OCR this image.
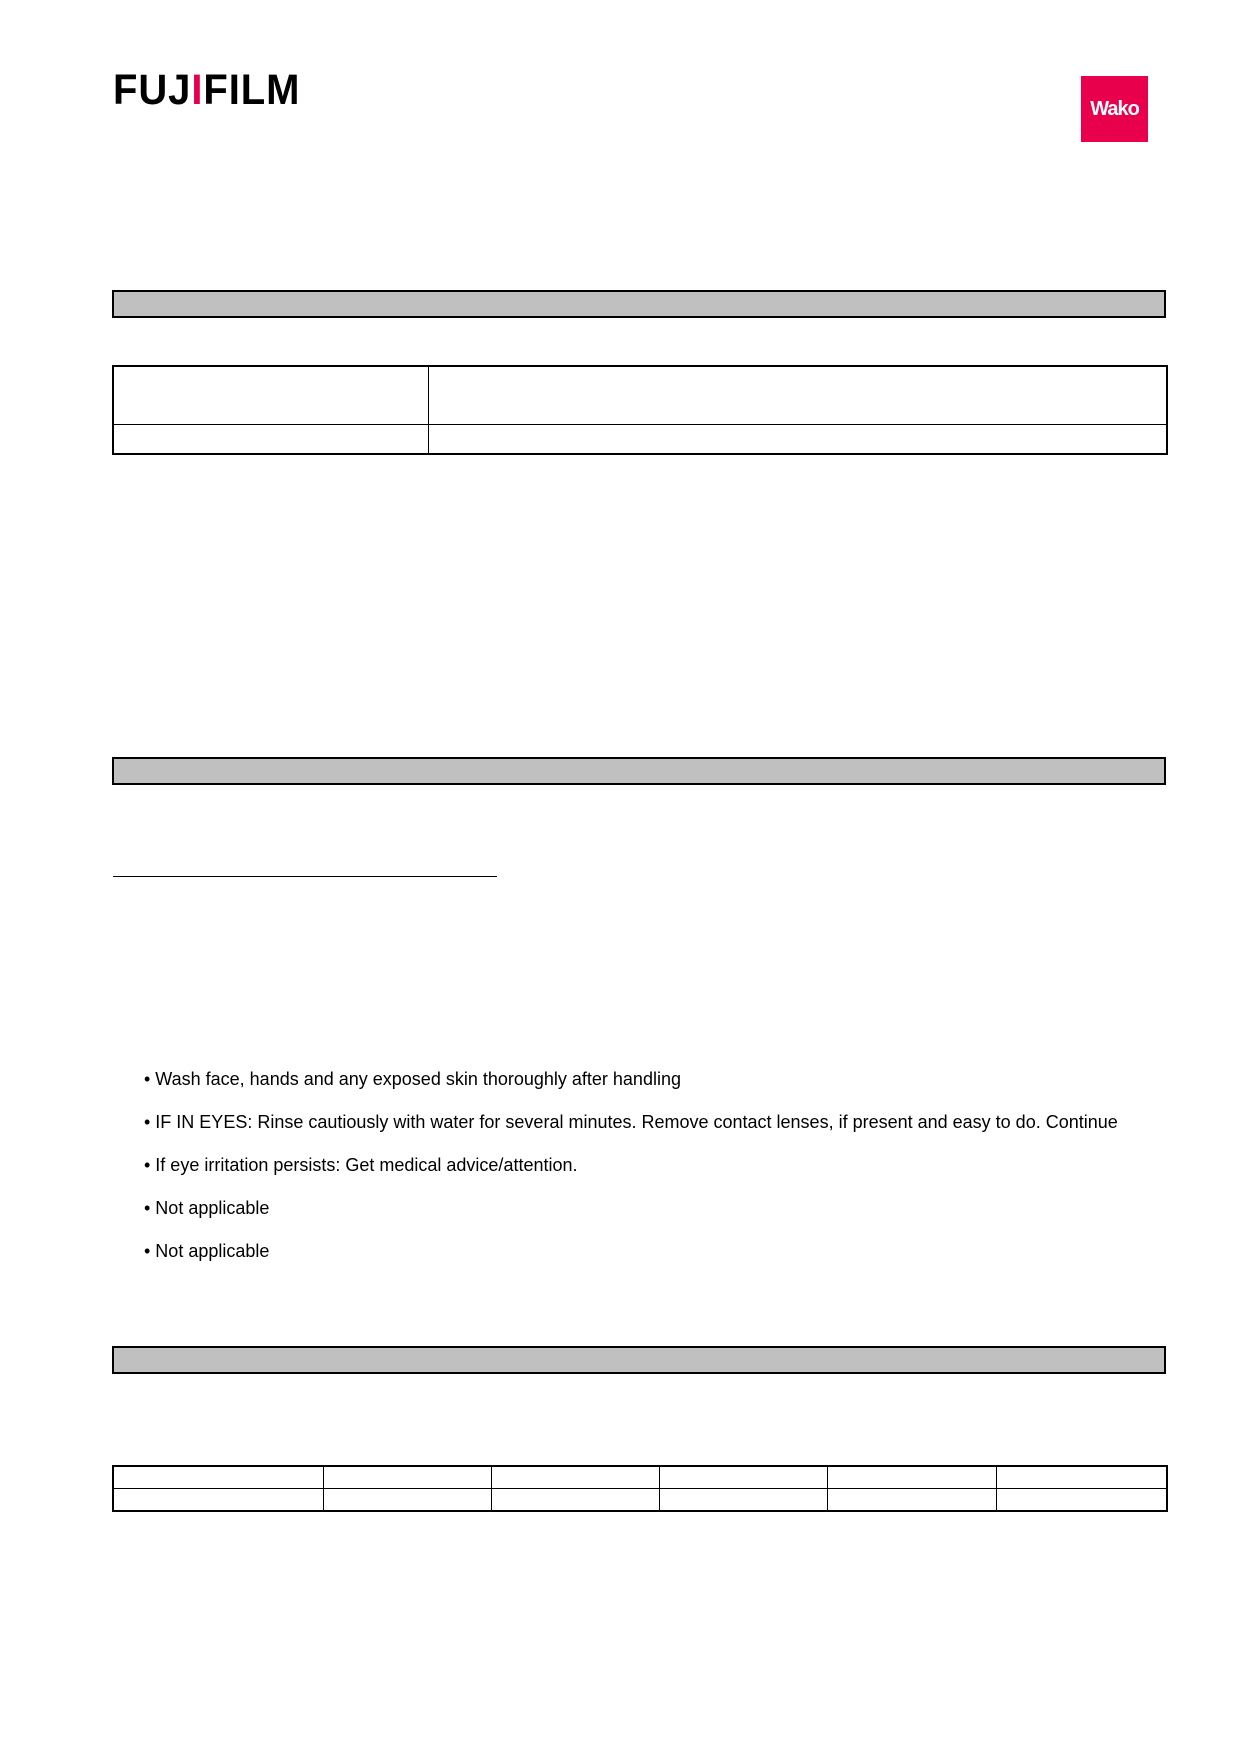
FUJIFILM	Wako

• Wash face, hands and any exposed skin thoroughly after handling
• IF IN EYES: Rinse cautiously with water for several minutes. Remove contact lenses, if present and easy to do. Continue
• If eye irritation persists: Get medical advice/attention.
• Not applicable
• Not applicable
